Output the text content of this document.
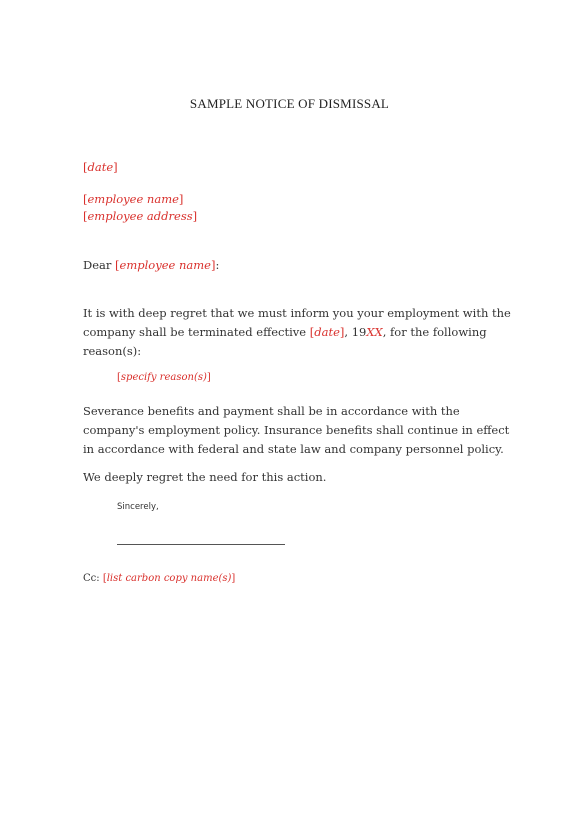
SAMPLE NOTICE OF DISMISSAL
[date]
[employee name]
[employee address]
Dear [employee name]:

It is with deep regret that we must inform you your employment with the

company shall be terminated effective [date], 19XX, for the following

reason(s):

[specify reason(s)]

Severance benefits and payment shall be in accordance with the

company's employment policy. Insurance benefits shall continue in effect

in accordance with federal and state law and company personnel policy.

We deeply regret the need for this action.

Sincerely,
Cc: [list carbon copy name(s)]
